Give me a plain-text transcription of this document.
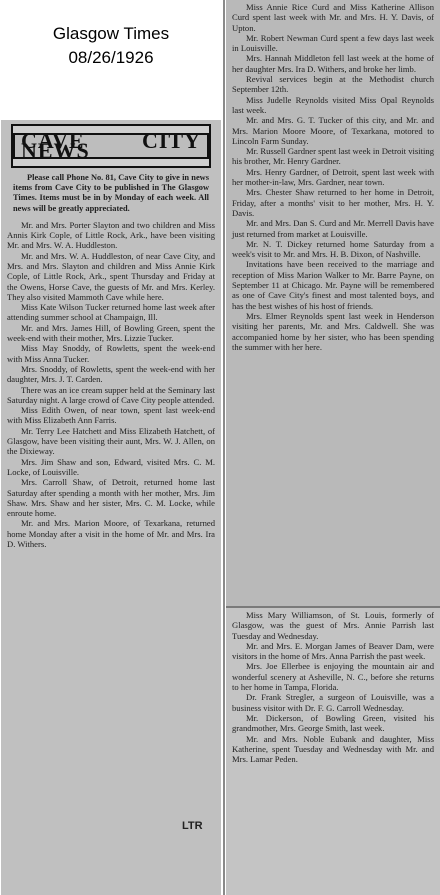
Glasgow Times
08/26/1926
CAVE CITY NEWS

Please call Phone No. 81, Cave City to give in news items from Cave City to be published in The Glasgow Times. Items must be in by Monday of each week. All news will be greatly appreciated.

Mr. and Mrs. Porter Slayton and two children and Miss Annis Kirk Cople, of Little Rock, Ark., have been visiting Mr. and Mrs. W. A. Huddleston.

Mr. and Mrs. W. A. Huddleston, of near Cave City, and Mrs. and Mrs. Slayton and children and Miss Annie Kirk Cople, of Little Rock, Ark., spent Thursday and Friday at the Owens, Horse Cave, the guests of Mr. and Mrs. Kerley. They also visited Mammoth Cave while here.

Miss Kate Wilson Tucker returned home last week after attending summer school at Champaign, Ill.

Mr. and Mrs. James Hill, of Bowling Green, spent the week-end with their mother, Mrs. Lizzie Tucker.

Miss May Snoddy, of Rowletts, spent the week-end with Miss Anna Tucker.

Mrs. Snoddy, of Rowletts, spent the week-end with her daughter, Mrs. J. T. Carden.

There was an ice cream supper held at the Seminary last Saturday night. A large crowd of Cave City people attended.

Miss Edith Owen, of near town, spent last week-end with Miss Elizabeth Ann Farris.

Mr. Terry Lee Hatchett and Miss Elizabeth Hatchett, of Glasgow, have been visiting their aunt, Mrs. W. J. Allen, on the Dixieway.

Mrs. Jim Shaw and son, Edward, visited Mrs. C. M. Locke, of Louisville.

Mrs. Carroll Shaw, of Detroit, returned home last Saturday after spending a month with her mother, Mrs. Jim Shaw. Mrs. Shaw and her sister, Mrs. C. M. Locke, while enroute home.

Mr. and Mrs. Marion Moore, of Texarkana, returned home Monday after a visit in the home of Mr. and Mrs. Ira D. Withers.

Miss Annie Rice Curd and Miss Katherine Allison Curd spent last week with Mr. and Mrs. H. Y. Davis, of Upton.

Mr. Robert Newman Curd spent a few days last week in Louisville.

Mrs. Hannah Middleton fell last week at the home of her daughter Mrs. Ira D. Withers, and broke her limb.

Revival services begin at the Methodist church September 12th.

Miss Judelle Reynolds visited Miss Opal Reynolds last week.

Mr. and Mrs. G. T. Tucker of this city, and Mr. and Mrs. Marion Moore Moore, of Texarkana, motored to Lincoln Farm Sunday.

Mr. Russell Gardner spent last week in Detroit visiting his brother, Mr. Henry Gardner.

Mrs. Henry Gardner, of Detroit, spent last week with her mother-in-law, Mrs. Gardner, near town.

Mrs. Chester Shaw returned to her home in Detroit, Friday, after a months' visit to her mother, Mrs. H. Y. Davis.

Mr. and Mrs. Dan S. Curd and Mr. Merrell Davis have just returned from market at Louisville.

Mr. N. T. Dickey returned home Saturday from a week's visit to Mr. and Mrs. H. B. Dixon, of Nashville.

Invitations have been received to the marriage and reception of Miss Marion Walker to Mr. Barre Payne, on September 11 at Chicago. Mr. Payne will be remembered as one of Cave City's finest and most talented boys, and has the best wishes of his host of friends.

Mrs. Elmer Reynolds spent last week in Henderson visiting her parents, Mr. and Mrs. Caldwell. She was accompanied home by her sister, who has been spending the summer with her here.

Miss Mary Williamson, of St. Louis, formerly of Glasgow, was the guest of Mrs. Annie Parrish last Tuesday and Wednesday.

Mr. and Mrs. E. Morgan James of Beaver Dam, were visitors in the home of Mrs. Anna Parrish the past week.

Mrs. Joe Ellerbee is enjoying the mountain air and wonderful scenery at Asheville, N. C., before she returns to her home in Tampa, Florida.

Dr. Frank Stregler, a surgeon of Louisville, was a business visitor with Dr. F. G. Carroll Wednesday.

Mr. Dickerson, of Bowling Green, visited his grandmother, Mrs. George Smith, last week.

Mr. and Mrs. Noble Eubank and daughter, Miss Katherine, spent Tuesday and Wednesday with Mr. and Mrs. Lamar Peden.

LTR
